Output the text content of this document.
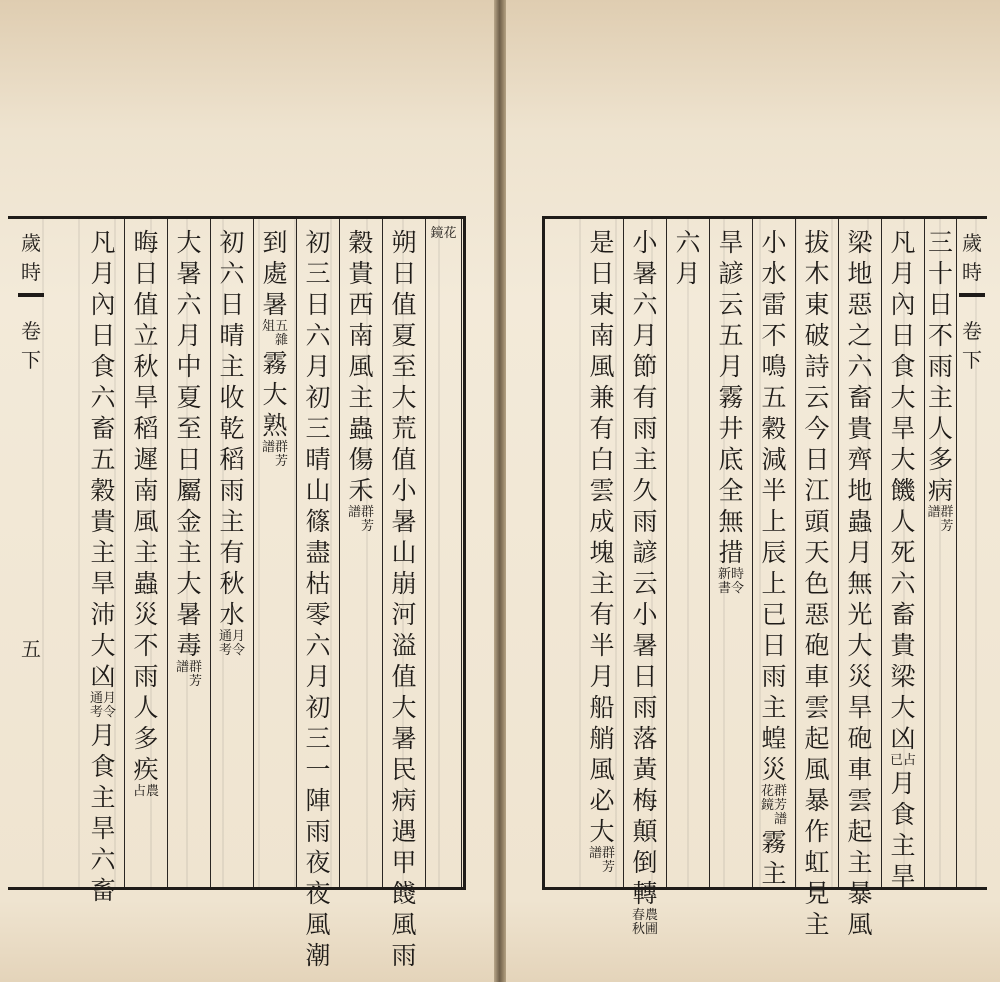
花
鏡
朔
日
值
夏
至
大
荒
值
小
暑
山
崩
河
溢
值
大
暑
民
病
遇
甲
餞
風
雨
穀
貴
西
南
風
主
蟲
傷
禾
群
芳
譜
初
三
日
六
月
初
三
晴
山
篠
盡
枯
零
六
月
初
三
一
陣
雨
夜
夜
風
潮
到
處
暑
五
雜
俎
霧
大
熟
群
芳
譜
初
六
日
晴
主
收
乾
稻
雨
主
有
秋
水
月
令
通
考
大
暑
六
月
中
夏
至
日
屬
金
主
大
暑
毒
群
芳
譜
晦
日
值
立
秋
旱
稻
遲
南
風
主
蟲
災
不
雨
人
多
疾
農
占
凡
月
內
日
食
六
畜
五
穀
貴
主
旱
沛
大
凶
月
令
通
考
月
食
主
旱
六
畜
歲
時
卷
下
五
歲
時
卷
下
三
十
日
不
雨
主
人
多
病
群
芳
譜
凡
月
內
日
食
大
旱
大
饑
人
死
六
畜
貴
梁
大
凶
占
已
月
食
主
旱
梁
地
惡
之
六
畜
貴
齊
地
蟲
月
無
光
大
災
旱
砲
車
雲
起
主
暴
風
拔
木
東
破
詩
云
今
日
江
頭
天
色
惡
砲
車
雲
起
風
暴
作
虹
見
主
小
水
雷
不
鳴
五
穀
減
半
上
辰
上
已
日
雨
主
蝗
災
群
芳
譜
花
鏡
霧
主
旱
諺
云
五
月
霧
井
底
全
無
措
時
令
新
書
六
月
小
暑
六
月
節
有
雨
主
久
雨
諺
云
小
暑
日
雨
落
黃
梅
顛
倒
轉
農
圃
春
秋
是
日
東
南
風
兼
有
白
雲
成
塊
主
有
半
月
船
艄
風
必
大
群
芳
譜
